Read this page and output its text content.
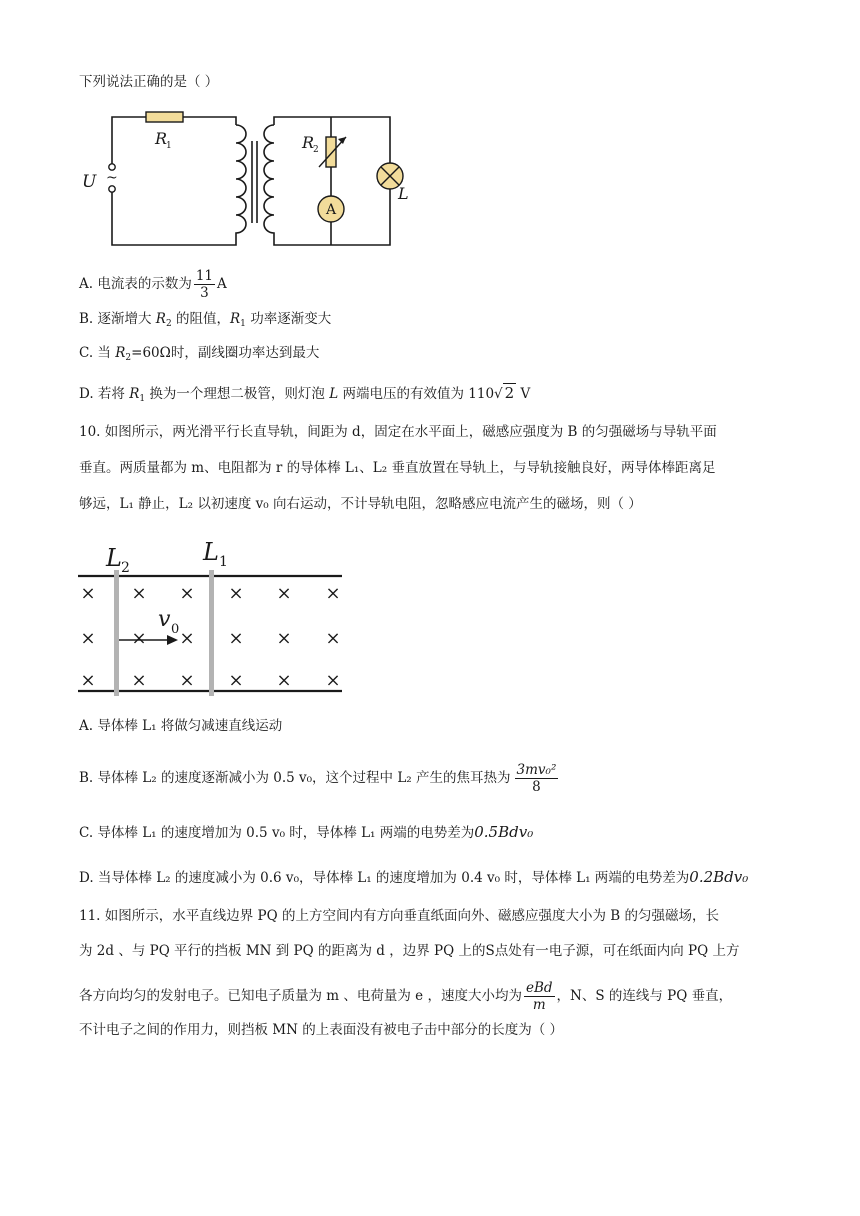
下列说法正确的是（ ）
A
U ~
R
1	R
2
L
A. 电流表的示数为 $\frac{11}{3}$ A
B. 逐渐增大 $R_2$ 的阻值，$R_1$ 功率逐渐变大
C. 当 $R_2=60\Omega$时，副线圈功率达到最大
D. 若将 $R_1$ 换为一个理想二极管，则灯泡 L 两端电压的有效值为 110√ 2 V
10. 如图所示，两光滑平行长直导轨，间距为 d，固定在水平面上，磁感应强度为 B 的匀强磁场与导轨平面
垂直。两质量都为 m、电阻都为 r 的导体棒 L₁、L₂ 垂直放置在导轨上，与导轨接触良好，两导体棒距离足
够远，L₁ 静止，L₂ 以初速度 v₀ 向右运动，不计导轨电阻，忽略感应电流产生的磁场，则（ ）
× × × × × ×
× × × × × ×
× × × × × ×
L 2
L 1
v 0
A. 导体棒 L₁ 将做匀减速直线运动
B. 导体棒 L₂ 的速度逐渐减小为 0.5 v₀，这个过程中 L₂ 产生的焦耳热为 $\frac{\text{3mv₀²}}{8}$
C. 导体棒 L₁ 的速度增加为 0.5 v₀ 时，导体棒 L₁ 两端的电势差为0.5Bdv₀
D. 当导体棒 L₂ 的速度减小为 0.6 v₀，导体棒 L₁ 的速度增加为 0.4 v₀ 时，导体棒 L₁ 两端的电势差为0.2Bdv₀
11. 如图所示，水平直线边界 PQ 的上方空间内有方向垂直纸面向外、磁感应强度大小为 B 的匀强磁场，长
为 2d 、与 PQ 平行的挡板 MN 到 PQ 的距离为 d ，边界 PQ 上的S点处有一电子源，可在纸面内向 PQ 上方
各方向均匀的发射电子。已知电子质量为 m 、电荷量为 e ，速度大小均为 $\frac{\text{eBd}}{m}$ ，N、S 的连线与 PQ 垂直，
不计电子之间的作用力，则挡板 MN 的上表面没有被电子击中部分的长度为（ ）
